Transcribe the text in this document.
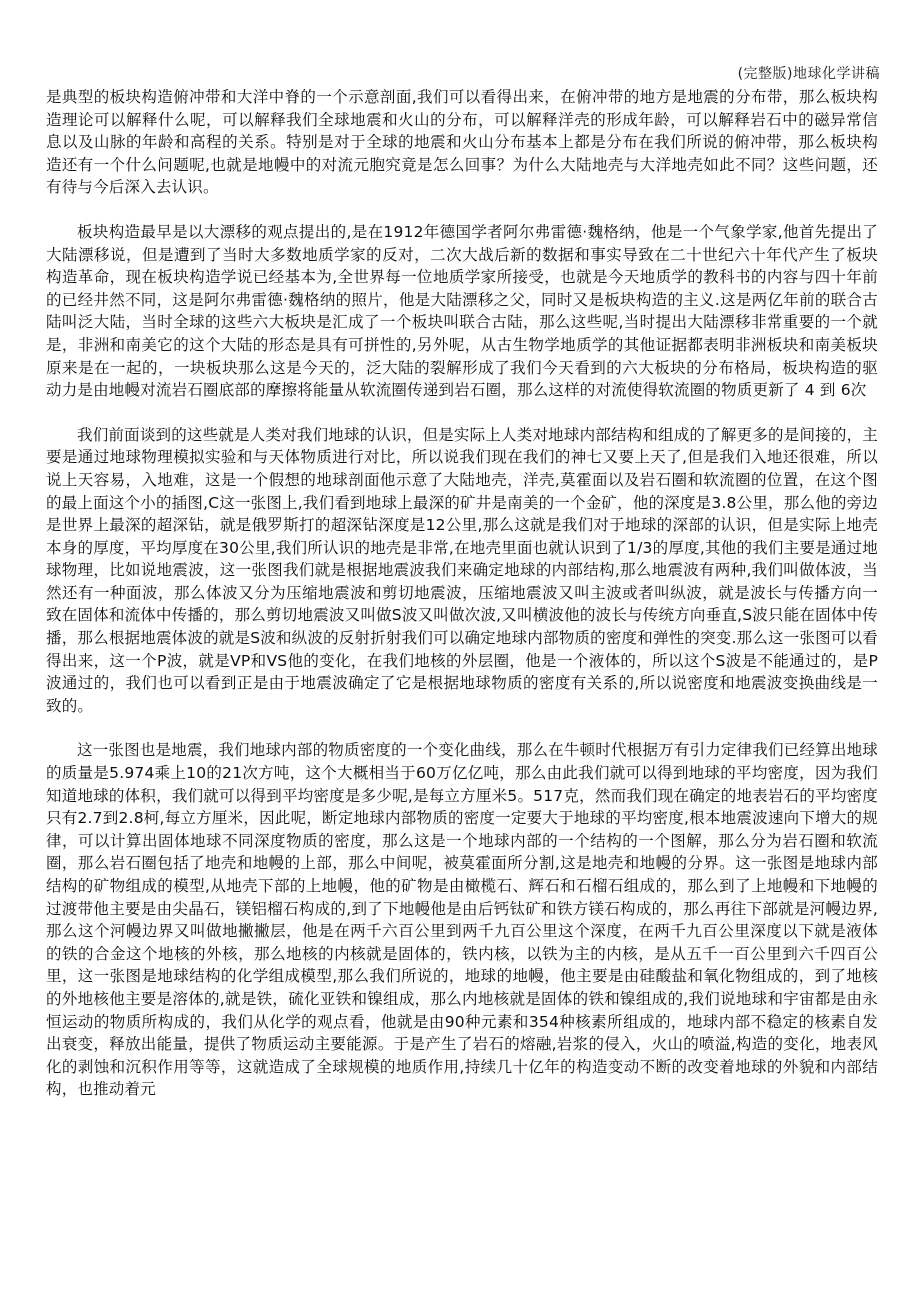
(完整版)地球化学讲稿

是典型的板块构造俯冲带和大洋中脊的一个示意剖面,我们可以看得出来，在俯冲带的地方是地震的分布带，那么板块构造理论可以解释什么呢，可以解释我们全球地震和火山的分布，可以解释洋壳的形成年龄，可以解释岩石中的磁异常信息以及山脉的年龄和高程的关系。特别是对于全球的地震和火山分布基本上都是分布在我们所说的俯冲带，那么板块构造还有一个什么问题呢,也就是地幔中的对流元胞究竟是怎么回事？为什么大陆地壳与大洋地壳如此不同？这些问题，还有待与今后深入去认识。

板块构造最早是以大漂移的观点提出的,是在1912年德国学者阿尔弗雷德·魏格纳，他是一个气象学家,他首先提出了大陆漂移说，但是遭到了当时大多数地质学家的反对，二次大战后新的数据和事实导致在二十世纪六十年代产生了板块构造革命，现在板块构造学说已经基本为,全世界每一位地质学家所接受，也就是今天地质学的教科书的内容与四十年前的已经井然不同，这是阿尔弗雷德·魏格纳的照片，他是大陆漂移之父，同时又是板块构造的主义.这是两亿年前的联合古陆叫泛大陆，当时全球的这些六大板块是汇成了一个板块叫联合古陆，那么这些呢,当时提出大陆漂移非常重要的一个就是，非洲和南美它的这个大陆的形态是具有可拼性的,另外呢，从古生物学地质学的其他证据都表明非洲板块和南美板块原来是在一起的，一块板块那么这是今天的，泛大陆的裂解形成了我们今天看到的六大板块的分布格局，板块构造的驱动力是由地幔对流岩石圈底部的摩擦将能量从软流圈传递到岩石圈，那么这样的对流使得软流圈的物质更新了 4 到 6次

我们前面谈到的这些就是人类对我们地球的认识，但是实际上人类对地球内部结构和组成的了解更多的是间接的，主要是通过地球物理模拟实验和与天体物质进行对比，所以说我们现在我们的神七又要上天了,但是我们入地还很难，所以说上天容易，入地难，这是一个假想的地球剖面他示意了大陆地壳，洋壳,莫霍面以及岩石圈和软流圈的位置，在这个图的最上面这个小的插图,C这一张图上,我们看到地球上最深的矿井是南美的一个金矿，他的深度是3.8公里，那么他的旁边是世界上最深的超深钻，就是俄罗斯打的超深钻深度是12公里,那么这就是我们对于地球的深部的认识，但是实际上地壳本身的厚度，平均厚度在30公里,我们所认识的地壳是非常,在地壳里面也就认识到了1/3的厚度,其他的我们主要是通过地球物理，比如说地震波，这一张图我们就是根据地震波我们来确定地球的内部结构,那么地震波有两种,我们叫做体波，当然还有一种面波，那么体波又分为压缩地震波和剪切地震波，压缩地震波又叫主波或者叫纵波，就是波长与传播方向一致在固体和流体中传播的，那么剪切地震波又叫做S波又叫做次波,又叫横波他的波长与传统方向垂直,S波只能在固体中传播，那么根据地震体波的就是S波和纵波的反射折射我们可以确定地球内部物质的密度和弹性的突变.那么这一张图可以看得出来，这一个P波，就是VP和VS他的变化，在我们地核的外层圈，他是一个液体的，所以这个S波是不能通过的，是P波通过的，我们也可以看到正是由于地震波确定了它是根据地球物质的密度有关系的,所以说密度和地震波变换曲线是一致的。

这一张图也是地震，我们地球内部的物质密度的一个变化曲线，那么在牛顿时代根据万有引力定律我们已经算出地球的质量是5.974乘上10的21次方吨，这个大概相当于60万亿亿吨，那么由此我们就可以得到地球的平均密度，因为我们知道地球的体积，我们就可以得到平均密度是多少呢,是每立方厘米5。517克，然而我们现在确定的地表岩石的平均密度只有2.7到2.8柯,每立方厘米，因此呢，断定地球内部物质的密度一定要大于地球的平均密度,根本地震波速向下增大的规律，可以计算出固体地球不同深度物质的密度，那么这是一个地球内部的一个结构的一个图解，那么分为岩石圈和软流圈，那么岩石圈包括了地壳和地幔的上部，那么中间呢，被莫霍面所分割,这是地壳和地幔的分界。这一张图是地球内部结构的矿物组成的模型,从地壳下部的上地幔，他的矿物是由橄榄石、辉石和石榴石组成的，那么到了上地幔和下地幔的过渡带他主要是由尖晶石，镁铝榴石构成的,到了下地幔他是由后钙钛矿和铁方镁石构成的，那么再往下部就是河幔边界,那么这个河幔边界又叫做地撇撇层，他是在两千六百公里到两千九百公里这个深度，在两千九百公里深度以下就是液体的铁的合金这个地核的外核，那么地核的内核就是固体的，铁内核，以铁为主的内核，是从五千一百公里到六千四百公里，这一张图是地球结构的化学组成模型,那么我们所说的，地球的地幔，他主要是由硅酸盐和氧化物组成的，到了地核的外地核他主要是溶体的,就是铁，硫化亚铁和镍组成，那么内地核就是固体的铁和镍组成的,我们说地球和宇宙都是由永恒运动的物质所构成的，我们从化学的观点看，他就是由90种元素和354种核素所组成的，地球内部不稳定的核素自发出衰变，释放出能量，提供了物质运动主要能源。于是产生了岩石的熔融,岩浆的侵入，火山的喷溢,构造的变化，地表风化的剥蚀和沉积作用等等，这就造成了全球规模的地质作用,持续几十亿年的构造变动不断的改变着地球的外貌和内部结构，也推动着元
